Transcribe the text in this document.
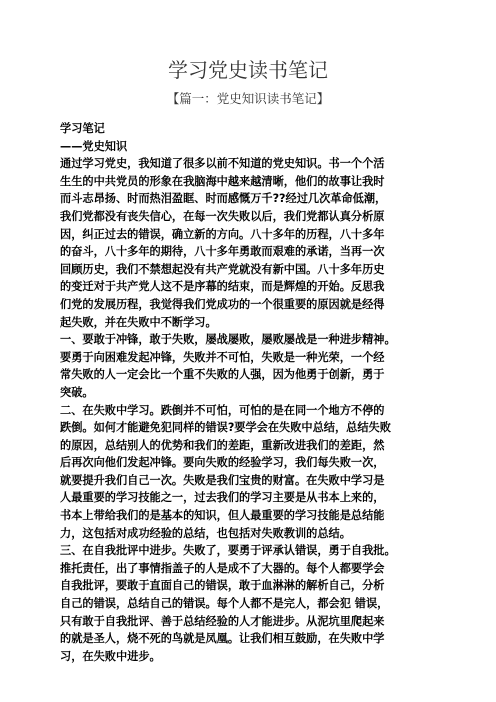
学习党史读书笔记
【篇一：党史知识读书笔记】
学习笔记
——党史知识
通过学习党史，我知道了很多以前不知道的党史知识。书一个个活
生生的中共党员的形象在我脑海中越来越清晰，他们的故事让我时
而斗志昂扬、时而热泪盈眶、时而感慨万千??经过几次革命低潮，
我们党都没有丧失信心，在每一次失败以后，我们党都认真分析原
因，纠正过去的错误，确立新的方向。八十多年的历程，八十多年
的奋斗，八十多年的期待，八十多年勇敢而艰难的承诺，当再一次
回顾历史，我们不禁想起没有共产党就没有新中国。八十多年历史
的变迁对于共产党人这不是序幕的结束，而是辉煌的开始。反思我
们党的发展历程，我觉得我们党成功的一个很重要的原因就是经得
起失败，并在失败中不断学习。
一、要敢于冲锋，敢于失败，屡战屡败，屡败屡战是一种进步精神。
要勇于向困难发起冲锋，失败并不可怕，失败是一种光荣，一个经
常失败的人一定会比一个重不失败的人强，因为他勇于创新，勇于
突破。
二、在失败中学习。跌倒并不可怕，可怕的是在同一个地方不停的
跌倒。如何才能避免犯同样的错误?要学会在失败中总结，总结失败
的原因，总结别人的优势和我们的差距，重新改进我们的差距，然
后再次向他们发起冲锋。要向失败的经验学习，我们每失败一次，
就要提升我们自己一次。失败是我们宝贵的财富。在失败中学习是
人最重要的学习技能之一，过去我们的学习主要是从书本上来的，
书本上带给我们的是基本的知识，但人最重要的学习技能是总结能
力，这包括对成功经验的总结，也包括对失败教训的总结。
三、在自我批评中进步。失败了，要勇于评承认错误，勇于自我批。
推托责任，出了事情指盖子的人是成不了大器的。每个人都要学会
自我批评，要敢于直面自己的错误，敢于血淋淋的解析自己，分析
自己的错误，总结自己的错误。每个人都不是完人，都会犯 错误，
只有敢于自我批评、善于总结经验的人才能进步。从泥坑里爬起来
的就是圣人，烧不死的鸟就是凤凰。让我们相互鼓励，在失败中学
习，在失败中进步。
